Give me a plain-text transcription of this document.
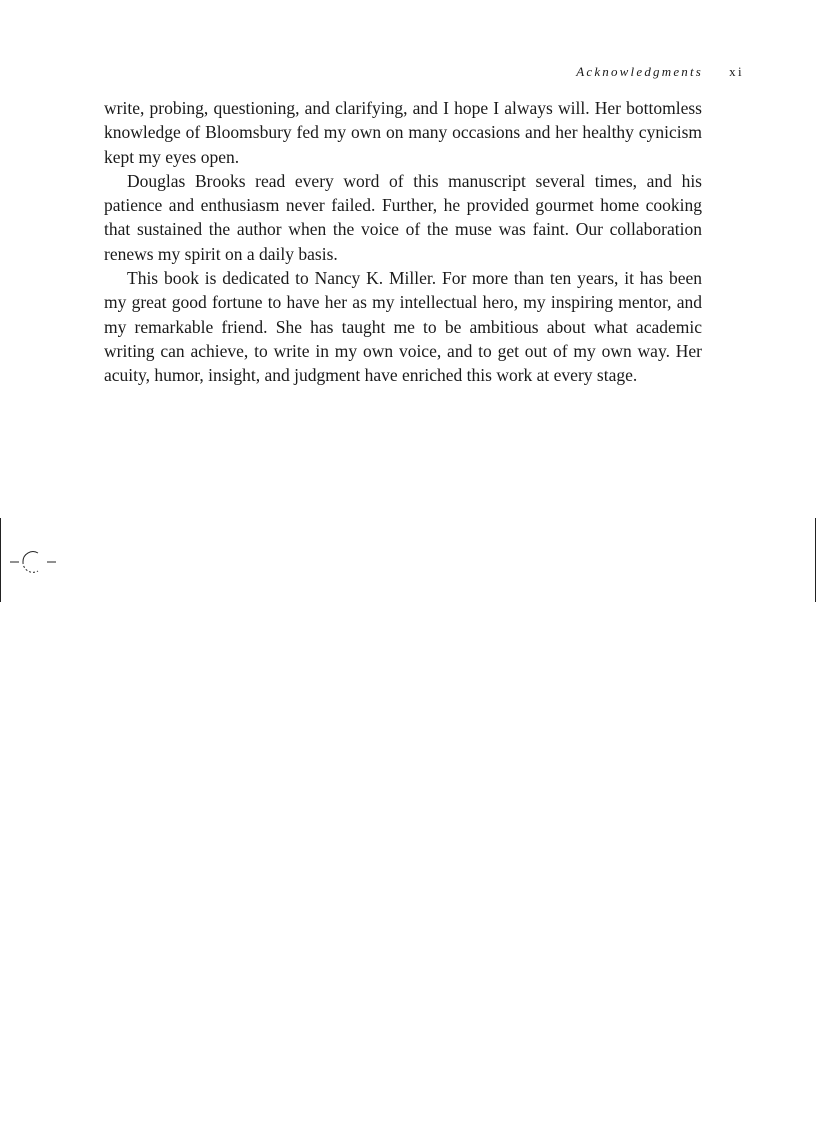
Acknowledgments xi

write, probing, questioning, and clarifying, and I hope I always will. Her bottomless knowledge of Bloomsbury fed my own on many occasions and her healthy cynicism kept my eyes open.

Douglas Brooks read every word of this manuscript several times, and his patience and enthusiasm never failed. Further, he provided gourmet home cooking that sustained the author when the voice of the muse was faint. Our collaboration renews my spirit on a daily basis.

This book is dedicated to Nancy K. Miller. For more than ten years, it has been my great good fortune to have her as my intellectual hero, my inspiring mentor, and my remarkable friend. She has taught me to be ambitious about what academic writing can achieve, to write in my own voice, and to get out of my own way. Her acuity, humor, insight, and judgment have enriched this work at every stage.
